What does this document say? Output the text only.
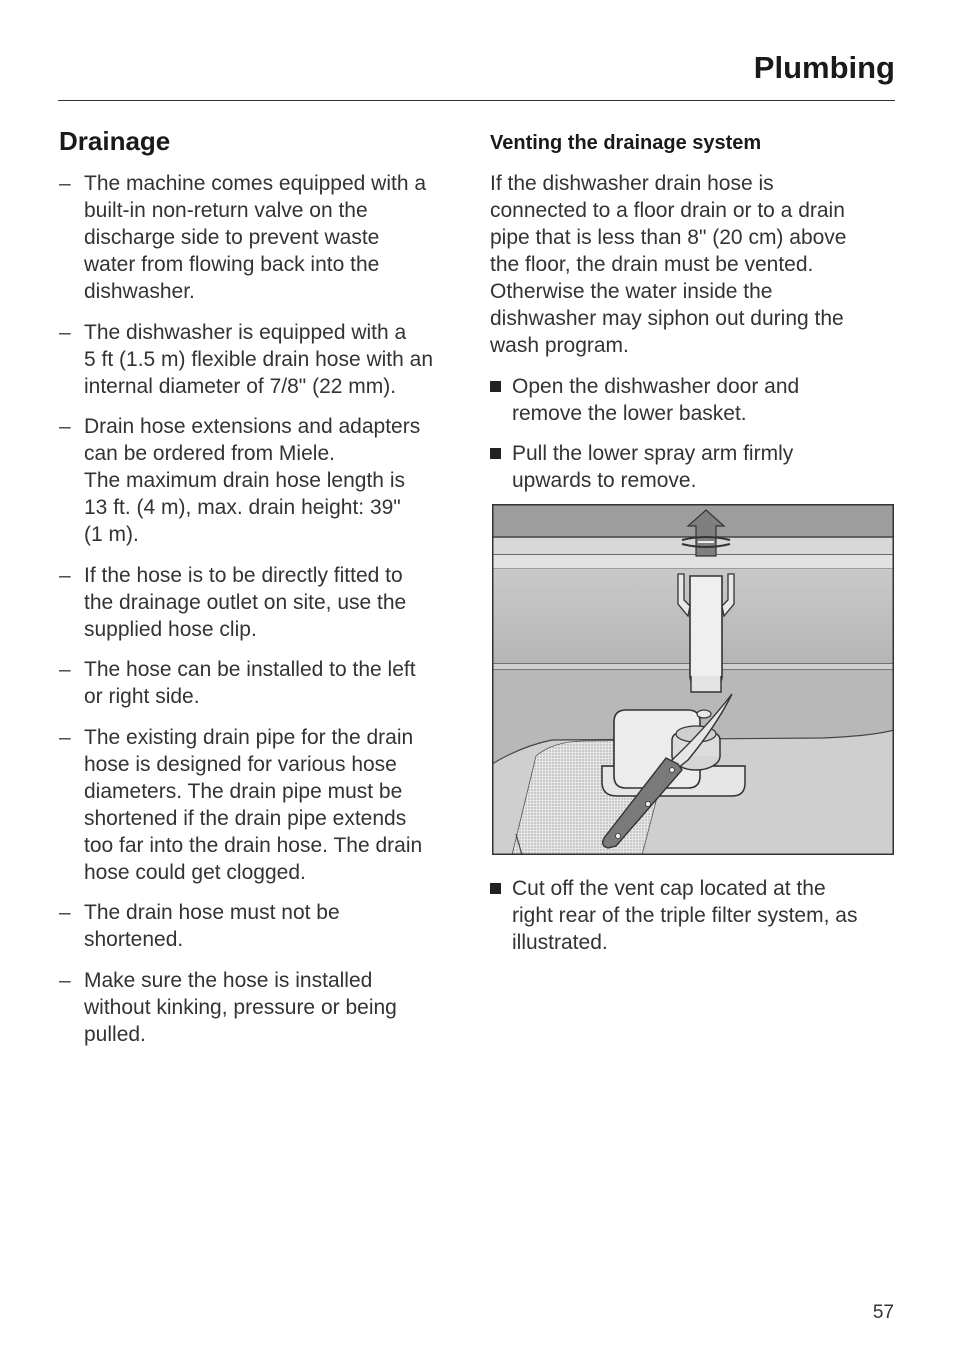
Plumbing
Drainage
– The machine comes equipped with a
built-in non-return valve on the
discharge side to prevent waste
water from flowing back into the
dishwasher.
– The dishwasher is equipped with a
5 ft (1.5 m) flexible drain hose with an
internal diameter of 7/8" (22 mm).
– Drain hose extensions and adapters
can be ordered from Miele.
The maximum drain hose length is
13 ft. (4 m), max. drain height: 39"
(1 m).
– If the hose is to be directly fitted to
the drainage outlet on site, use the
supplied hose clip.
– The hose can be installed to the left
or right side.
– The existing drain pipe for the drain
hose is designed for various hose
diameters. The drain pipe must be
shortened if the drain pipe extends
too far into the drain hose. The drain
hose could get clogged.
– The drain hose must not be
shortened.
– Make sure the hose is installed
without kinking, pressure or being
pulled.
Venting the drainage system

If the dishwasher drain hose is
connected to a floor drain or to a drain
pipe that is less than 8" (20 cm) above
the floor, the drain must be vented.
Otherwise the water inside the
dishwasher may siphon out during the
wash program.

Open the dishwasher door and
remove the lower basket.
Pull the lower spray arm firmly
upwards to remove.
Cut off the vent cap located at the
right rear of the triple filter system, as
illustrated.
57
